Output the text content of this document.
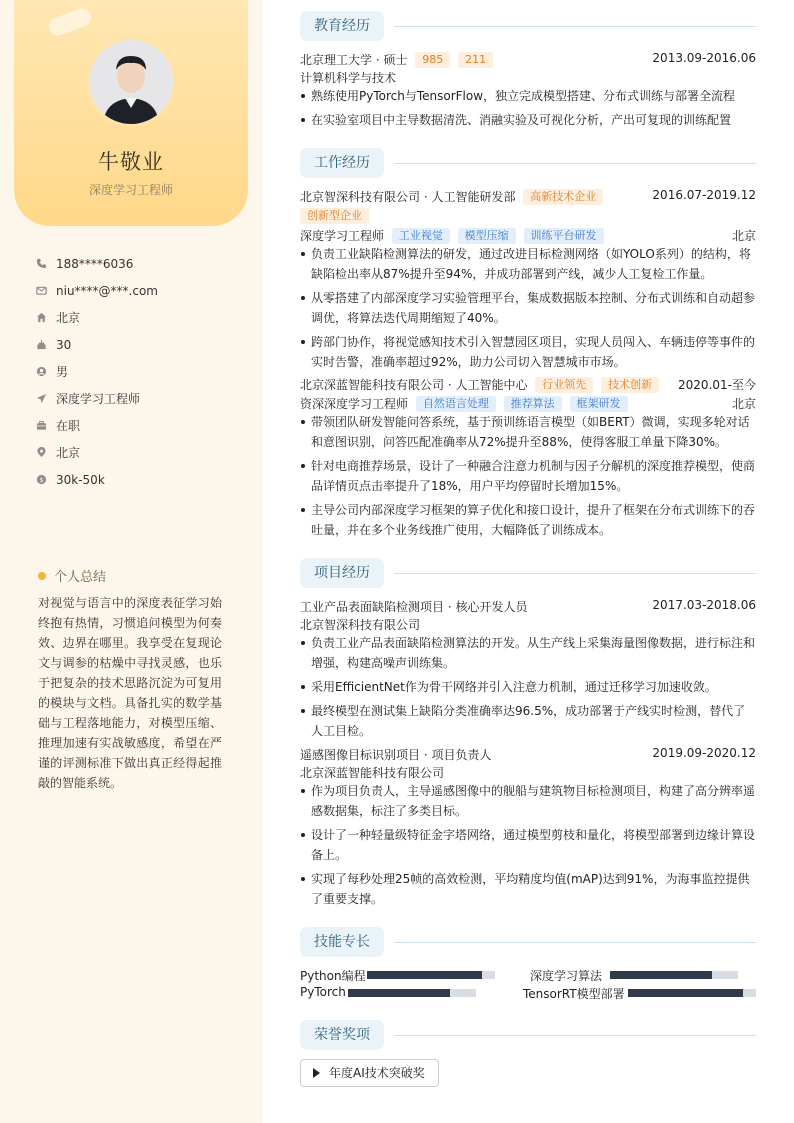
牛敬业
深度学习工程师
188****6036
niu****@***.com
北京
30
男
深度学习工程师
在职
北京
$ 30k-50k
个人总结
对视觉与语言中的深度表征学习始终抱有热情，习惯追问模型为何奏效、边界在哪里。我享受在复现论文与调参的枯燥中寻找灵感，也乐于把复杂的技术思路沉淀为可复用的模块与文档。具备扎实的数学基础与工程落地能力，对模型压缩、推理加速有实战敏感度，希望在严谨的评测标准下做出真正经得起推敲的智能系统。
教育经历
北京理工大学 · 硕士 985 211	2013.09-2016.06
计算机科学与技术
熟练使用PyTorch与TensorFlow，独立完成模型搭建、分布式训练与部署全流程
在实验室项目中主导数据清洗、消融实验及可视化分析，产出可复现的训练配置
工作经历
北京智深科技有限公司 · 人工智能研发部 高新技术企业	2016.07-2019.12
创新型企业
深度学习工程师 工业视觉 模型压缩 训练平台研发	北京
负责工业缺陷检测算法的研发，通过改进目标检测网络（如YOLO系列）的结构，将缺陷检出率从87%提升至94%，并成功部署到产线，减少人工复检工作量。
从零搭建了内部深度学习实验管理平台，集成数据版本控制、分布式训练和自动超参调优，将算法迭代周期缩短了40%。
跨部门协作，将视觉感知技术引入智慧园区项目，实现人员闯入、车辆违停等事件的实时告警，准确率超过92%，助力公司切入智慧城市市场。
北京深蓝智能科技有限公司 · 人工智能中心 行业领先 技术创新 2020.01-至今
资深深度学习工程师 自然语言处理 推荐算法 框架研发	北京
带领团队研发智能问答系统，基于预训练语言模型（如BERT）微调，实现多轮对话和意图识别，问答匹配准确率从72%提升至88%，使得客服工单量下降30%。
针对电商推荐场景，设计了一种融合注意力机制与因子分解机的深度推荐模型，使商品详情页点击率提升了18%，用户平均停留时长增加15%。
主导公司内部深度学习框架的算子优化和接口设计，提升了框架在分布式训练下的吞吐量，并在多个业务线推广使用，大幅降低了训练成本。
项目经历
工业产品表面缺陷检测项目 · 核心开发人员	2017.03-2018.06
北京智深科技有限公司
负责工业产品表面缺陷检测算法的开发。从生产线上采集海量图像数据，进行标注和增强，构建高噪声训练集。
采用EfficientNet作为骨干网络并引入注意力机制，通过迁移学习加速收敛。
最终模型在测试集上缺陷分类准确率达96.5%，成功部署于产线实时检测，替代了人工目检。
遥感图像目标识别项目 · 项目负责人	2019.09-2020.12
北京深蓝智能科技有限公司
作为项目负责人，主导遥感图像中的舰船与建筑物目标检测项目，构建了高分辨率遥感数据集，标注了多类目标。
设计了一种轻量级特征金字塔网络，通过模型剪枝和量化，将模型部署到边缘计算设备上。
实现了每秒处理25帧的高效检测，平均精度均值(mAP)达到91%，为海事监控提供了重要支撑。
技能专长
Python编程	深度学习算法
PyTorch	TensorRT模型部署
荣誉奖项
年度AI技术突破奖
